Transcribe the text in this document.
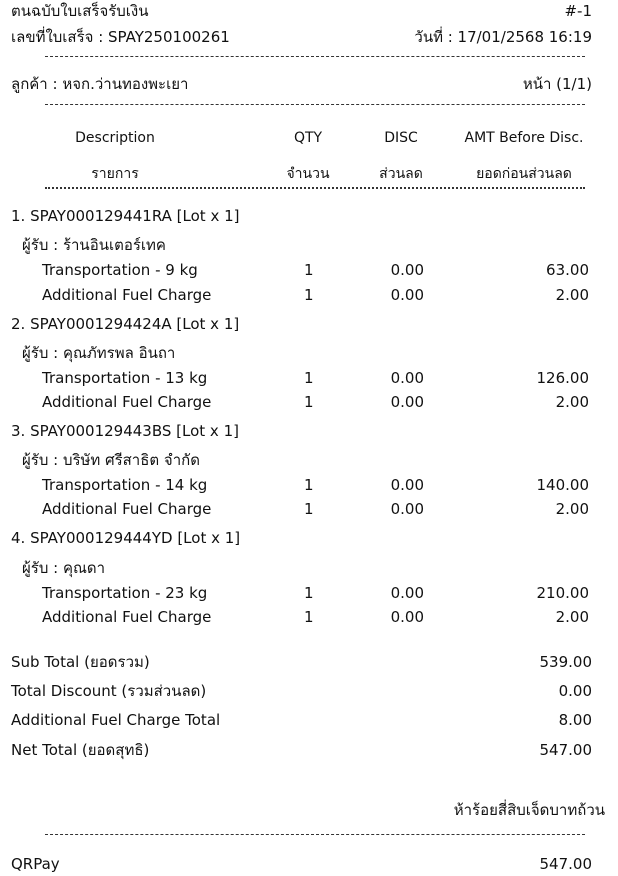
ตนฉบับใบเสร็จรับเงิน	#-1
เลขที่ใบเสร็จ : SPAY250100261	วันที่ : 17/01/2568 16:19
ลูกค้า : หจก.ว่านทองพะเยา	หน้า (1/1)
Description	QTY	DISC	AMT Before Disc.
รายการ	จำนวน	ส่วนลด	ยอดก่อนส่วนลด
1. SPAY000129441RA [Lot x 1]
ผู้รับ : ร้านอินเตอร์เทค
Transportation - 9 kg	1	0.00	63.00
Additional Fuel Charge	1	0.00	2.00
2. SPAY0001294424A [Lot x 1]
ผู้รับ : คุณภัทรพล อินถา
Transportation - 13 kg	1	0.00	126.00
Additional Fuel Charge	1	0.00	2.00
3. SPAY000129443BS [Lot x 1]
ผู้รับ : บริษัท ศรีสาธิต จำกัด
Transportation - 14 kg	1	0.00	140.00
Additional Fuel Charge	1	0.00	2.00
4. SPAY000129444YD [Lot x 1]
ผู้รับ : คุณดา
Transportation - 23 kg	1	0.00	210.00
Additional Fuel Charge	1	0.00	2.00
Sub Total (ยอดรวม)	539.00
Total Discount (รวมส่วนลด)	0.00
Additional Fuel Charge Total	8.00
Net Total (ยอดสุทธิ)	547.00
ห้าร้อยสี่สิบเจ็ดบาทถ้วน
QRPay	547.00
